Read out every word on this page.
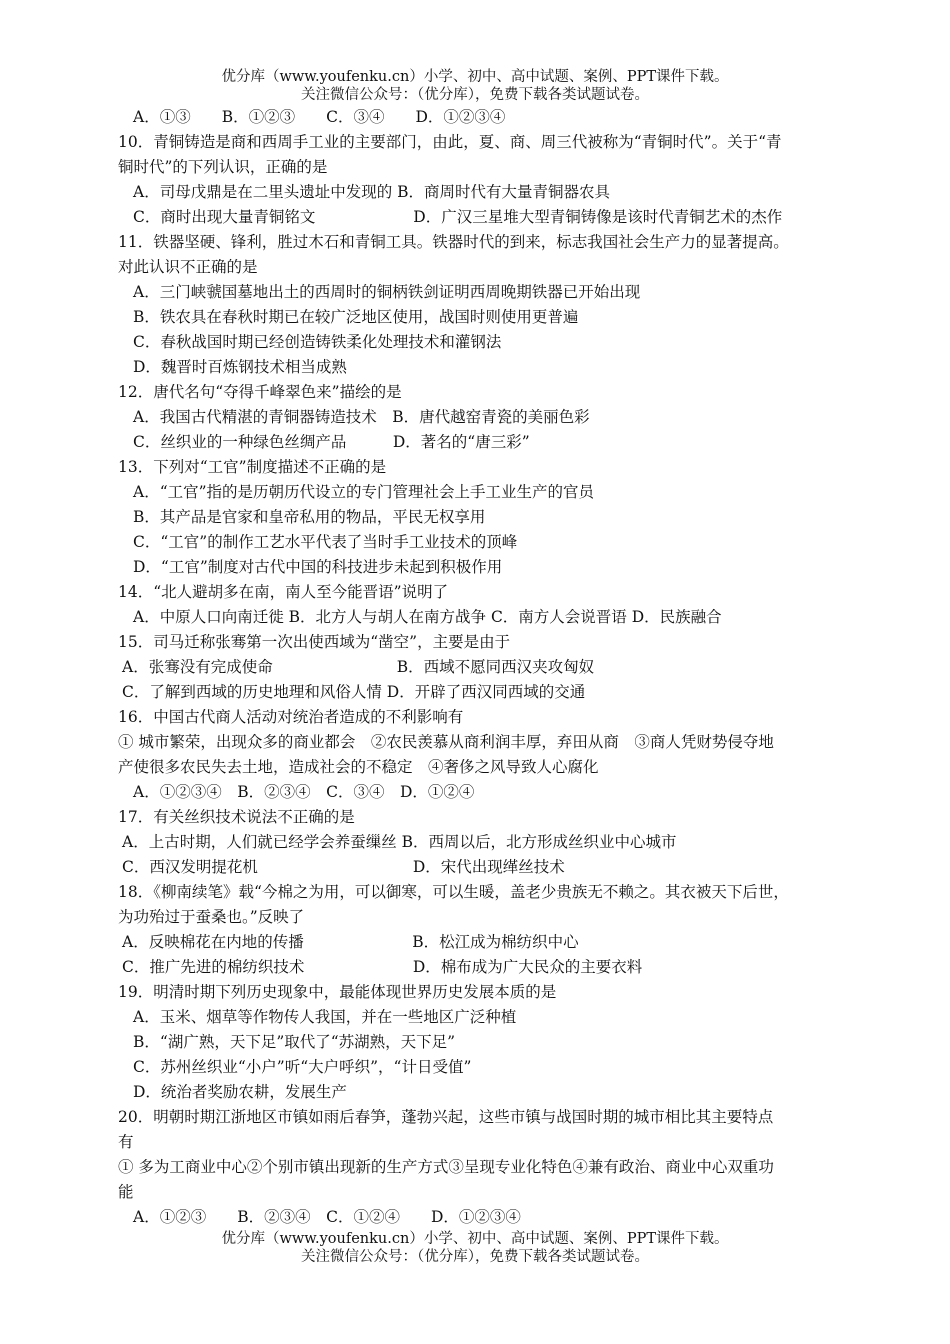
优分库（www.youfenku.cn）小学、初中、高中试题、案例、PPT课件下载。
关注微信公众号：（优分库），免费下载各类试题试卷。
A．①③　　B．①②③　　C．③④　　D．①②③④
10．青铜铸造是商和西周手工业的主要部门，由此，夏、商、周三代被称为“青铜时代”。关于“青
铜时代”的下列认识，正确的是
A．司母戊鼎是在二里头遗址中发现的 B．商周时代有大量青铜器农具
C．商时出现大量青铜铭文　　　　　　 D．广汉三星堆大型青铜铸像是该时代青铜艺术的杰作
11．铁器坚硬、锋利，胜过木石和青铜工具。铁器时代的到来，标志我国社会生产力的显著提高。
对此认识不正确的是
A．三门峡虢国墓地出土的西周时的铜柄铁剑证明西周晚期铁器已开始出现
B．铁农具在春秋时期已在较广泛地区使用，战国时则使用更普遍
C．春秋战国时期已经创造铸铁柔化处理技术和灌钢法
D．魏晋时百炼钢技术相当成熟
12．唐代名句“夺得千峰翠色来”描绘的是
A．我国古代精湛的青铜器铸造技术　B．唐代越窑青瓷的美丽色彩
C．丝织业的一种绿色丝绸产品　　　D．著名的“唐三彩”
13．下列对“工官”制度描述不正确的是
A．“工官”指的是历朝历代设立的专门管理社会上手工业生产的官员
B．其产品是官家和皇帝私用的物品，平民无权享用
C．“工官”的制作工艺水平代表了当时手工业技术的顶峰
D．“工官”制度对古代中国的科技进步未起到积极作用
14．“北人避胡多在南，南人至今能晋语”说明了
A．中原人口向南迁徙 B．北方人与胡人在南方战争 C．南方人会说晋语 D．民族融合
15．司马迁称张骞第一次出使西域为“凿空”，主要是由于
A．张骞没有完成使命　　　　　　　　B．西域不愿同西汉夹攻匈奴
C．了解到西域的历史地理和风俗人情 D．开辟了西汉同西域的交通
16．中国古代商人活动对统治者造成的不利影响有
① 城市繁荣，出现众多的商业都会　②农民羡慕从商利润丰厚，弃田从商　③商人凭财势侵夺地
产使很多农民失去土地，造成社会的不稳定　④奢侈之风导致人心腐化
A．①②③④　B．②③④　C．③④　D．①②④
17．有关丝织技术说法不正确的是
A．上古时期，人们就已经学会养蚕缫丝 B．西周以后，北方形成丝织业中心城市
C．西汉发明提花机　　　　　　　　　　D．宋代出现缂丝技术
18．《柳南续笔》载“今棉之为用，可以御寒，可以生暖，盖老少贵族无不赖之。其衣被天下后世，
为功殆过于蚕桑也。”反映了
A．反映棉花在内地的传播　　　　　　　B．松江成为棉纺织中心
C．推广先进的棉纺织技术　　　　　　　D．棉布成为广大民众的主要衣料
19．明清时期下列历史现象中，最能体现世界历史发展本质的是
A．玉米、烟草等作物传人我国，并在一些地区广泛种植
B．“湖广熟，天下足”取代了“苏湖熟，天下足”
C．苏州丝织业“小户”听“大户呼织”，“计日受值”
D．统治者奖励农耕，发展生产
20．明朝时期江浙地区市镇如雨后春笋，蓬勃兴起，这些市镇与战国时期的城市相比其主要特点
有
① 多为工商业中心②个别市镇出现新的生产方式③呈现专业化特色④兼有政治、商业中心双重功
能
A．①②③　　B．②③④　C．①②④　　D．①②③④
优分库（www.youfenku.cn）小学、初中、高中试题、案例、PPT课件下载。
关注微信公众号：（优分库），免费下载各类试题试卷。
